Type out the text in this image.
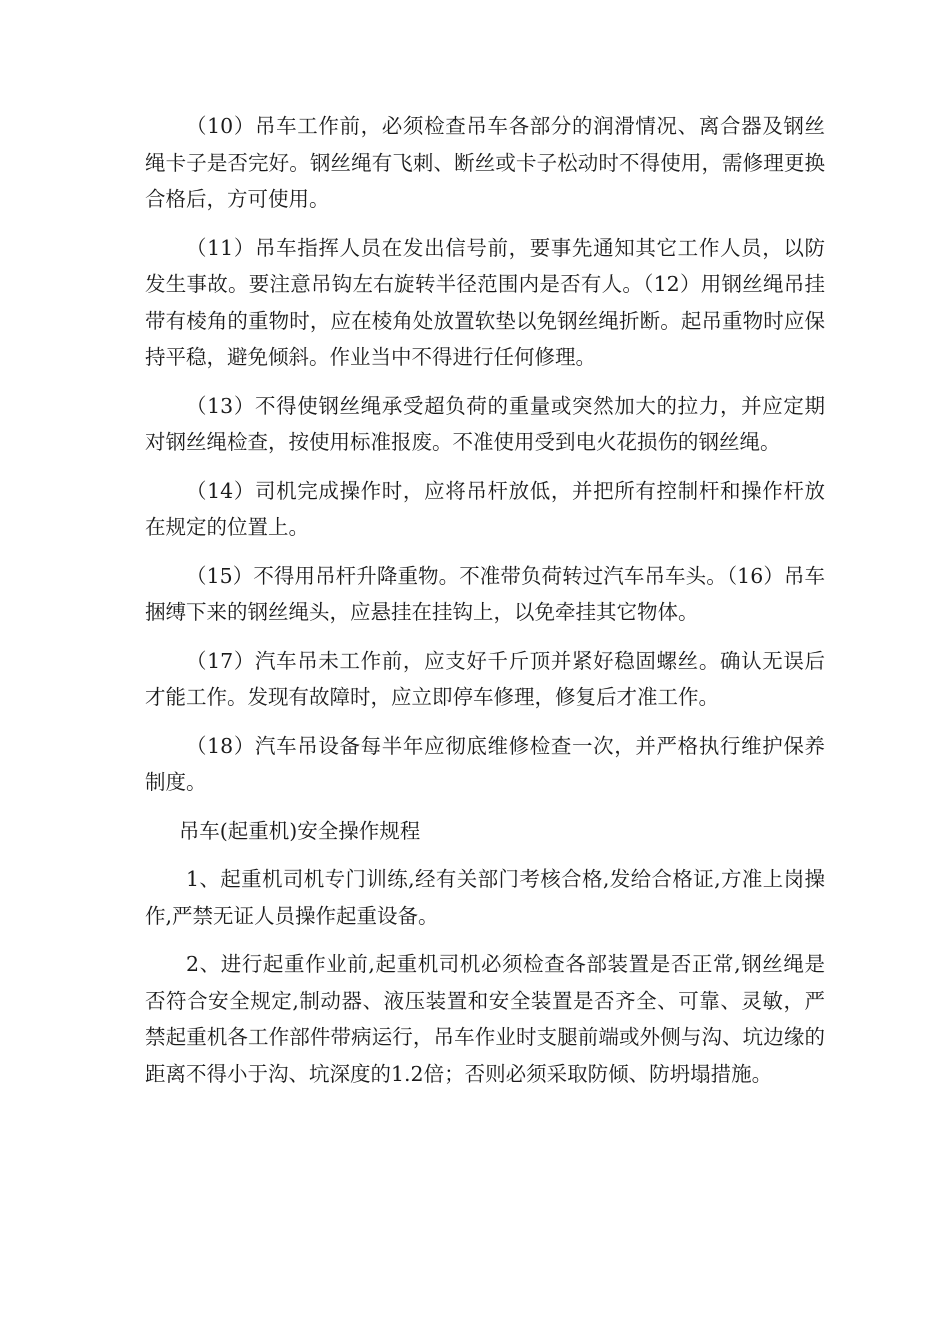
（10）吊车工作前，必须检查吊车各部分的润滑情况、离合器及钢丝绳卡子是否完好。钢丝绳有飞刺、断丝或卡子松动时不得使用，需修理更换合格后，方可使用。

（11）吊车指挥人员在发出信号前，要事先通知其它工作人员，以防发生事故。要注意吊钩左右旋转半径范围内是否有人。（12）用钢丝绳吊挂带有棱角的重物时，应在棱角处放置软垫以免钢丝绳折断。起吊重物时应保持平稳，避免倾斜。作业当中不得进行任何修理。

（13）不得使钢丝绳承受超负荷的重量或突然加大的拉力，并应定期对钢丝绳检查，按使用标准报废。不准使用受到电火花损伤的钢丝绳。

（14）司机完成操作时，应将吊杆放低，并把所有控制杆和操作杆放在规定的位置上。

（15）不得用吊杆升降重物。不准带负荷转过汽车吊车头。（16）吊车捆缚下来的钢丝绳头，应悬挂在挂钩上，以免牵挂其它物体。

（17）汽车吊未工作前，应支好千斤顶并紧好稳固螺丝。确认无误后才能工作。发现有故障时，应立即停车修理，修复后才准工作。

（18）汽车吊设备每半年应彻底维修检查一次，并严格执行维护保养制度。

吊车(起重机)安全操作规程

1、起重机司机专门训练,经有关部门考核合格,发给合格证,方准上岗操作,严禁无证人员操作起重设备。

2、进行起重作业前,起重机司机必须检查各部装置是否正常,钢丝绳是否符合安全规定,制动器、液压装置和安全装置是否齐全、可靠、灵敏，严禁起重机各工作部件带病运行，吊车作业时支腿前端或外侧与沟、坑边缘的距离不得小于沟、坑深度的1.2倍；否则必须采取防倾、防坍塌措施。
